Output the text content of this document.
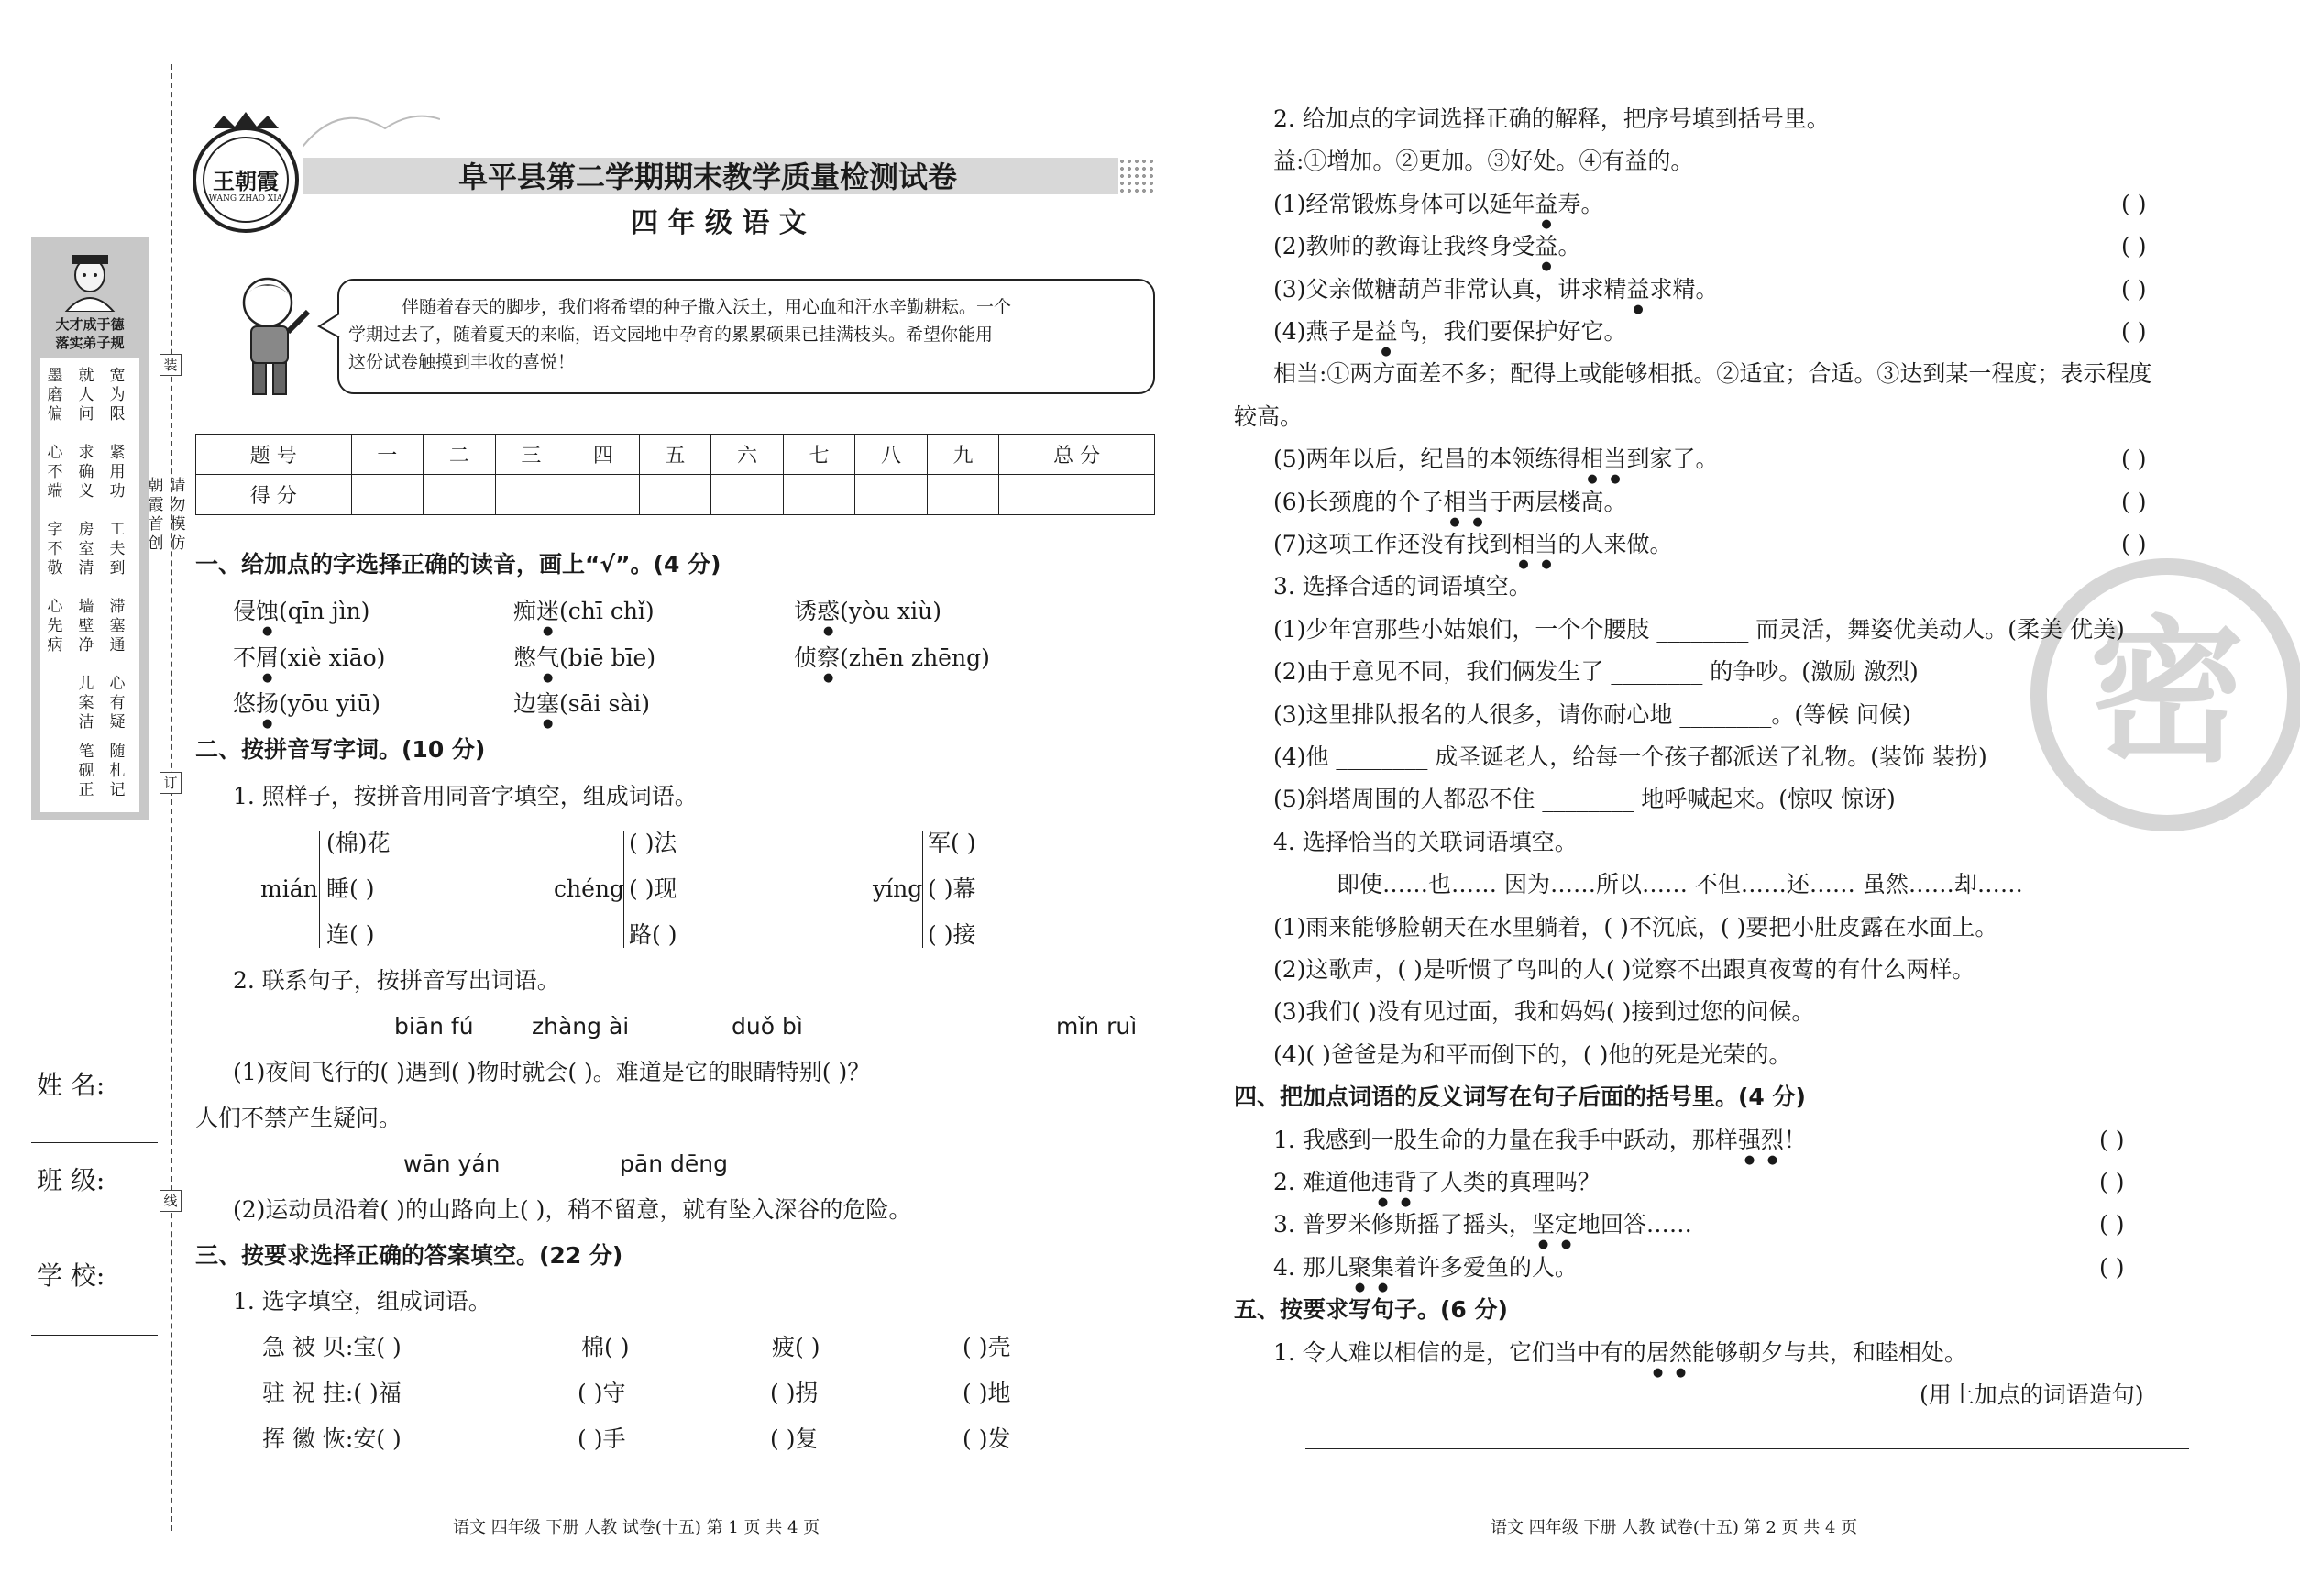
装
订
线
朝霞首创
请勿模仿
大才成于德
落实弟子规
墨磨偏
就人问
宽为限
心不端
求确义
紧用功
字不敬
房室清
工夫到
心先病
墙壁净
滞塞通
儿案洁
心有疑
笔砚正
随札记
姓 名:
班 级:
学 校:
王朝霞
WANG ZHAO XIA
阜平县第二学期期末教学质量检测试卷
四 年 级 语 文
伴随着春天的脚步，我们将希望的种子撒入沃土，用心血和汗水辛勤耕耘。一个
学期过去了，随着夏天的来临，语文园地中孕育的累累硕果已挂满枝头。希望你能用
这份试卷触摸到丰收的喜悦！
题 号	一	二	三	四	五	六	七	八	九	总 分
得 分										
一、给加点的字选择正确的读音，画上“√”。(4 分)
侵蚀(qīn jìn)	痴迷(chī chǐ)	诱惑(yòu xiù)
不屑(xiè xiāo)	憋气(biē bīe)	侦察(zhēn zhēng)
悠扬(yōu yiū)	边塞(sāi sài)
二、按拼音写字词。(10 分)
1. 照样子，按拼音用同音字填空，组成词语。
mián
(棉)花
睡( )
连( )
chéng
( )法
( )现
路( )
yíng
军( )
( )幕
( )接
2. 联系句子，按拼音写出词语。
biān fú	zhàng ài	duǒ bì	mǐn ruì
(1)夜间飞行的( )遇到( )物时就会( )。难道是它的眼睛特别( )？
人们不禁产生疑问。
wān yán	pān dēng
(2)运动员沿着( )的山路向上( )，稍不留意，就有坠入深谷的危险。
三、按要求选择正确的答案填空。(22 分)
1. 选字填空，组成词语。
急 被 贝:宝( )	棉( )	疲( )	( )壳
驻 祝 拄:( )福	( )守	( )拐	( )地
挥 徽 恢:安( )	( )手	( )复	( )发
语文 四年级 下册 人教 试卷(十五) 第 1 页 共 4 页
密
2. 给加点的字词选择正确的解释，把序号填到括号里。
益:①增加。②更加。③好处。④有益的。
(1)经常锻炼身体可以延年益寿。	( )
(2)教师的教诲让我终身受益。	( )
(3)父亲做糖葫芦非常认真，讲求精益求精。	( )
(4)燕子是益鸟，我们要保护好它。	( )
相当:①两方面差不多；配得上或能够相抵。②适宜；合适。③达到某一程度；表示程度
较高。
(5)两年以后，纪昌的本领练得相当到家了。	( )
(6)长颈鹿的个子相当于两层楼高。	( )
(7)这项工作还没有找到相当的人来做。	( )
3. 选择合适的词语填空。
(1)少年宫那些小姑娘们，一个个腰肢 ________ 而灵活，舞姿优美动人。(柔美 优美)
(2)由于意见不同，我们俩发生了 ________ 的争吵。(激励 激烈)
(3)这里排队报名的人很多，请你耐心地 ________。(等候 问候)
(4)他 ________ 成圣诞老人，给每一个孩子都派送了礼物。(装饰 装扮)
(5)斜塔周围的人都忍不住 ________ 地呼喊起来。(惊叹 惊讶)
4. 选择恰当的关联词语填空。
即使……也…… 因为……所以…… 不但……还…… 虽然……却……
(1)雨来能够脸朝天在水里躺着，( )不沉底，( )要把小肚皮露在水面上。
(2)这歌声，( )是听惯了鸟叫的人( )觉察不出跟真夜莺的有什么两样。
(3)我们( )没有见过面，我和妈妈( )接到过您的问候。
(4)( )爸爸是为和平而倒下的，( )他的死是光荣的。
四、把加点词语的反义词写在句子后面的括号里。(4 分)
1. 我感到一股生命的力量在我手中跃动，那样强烈！	( )
2. 难道他违背了人类的真理吗？	( )
3. 普罗米修斯摇了摇头，坚定地回答……	( )
4. 那儿聚集着许多爱鱼的人。	( )
五、按要求写句子。(6 分)
1. 令人难以相信的是，它们当中有的居然能够朝夕与共，和睦相处。
(用上加点的词语造句)
语文 四年级 下册 人教 试卷(十五) 第 2 页 共 4 页
